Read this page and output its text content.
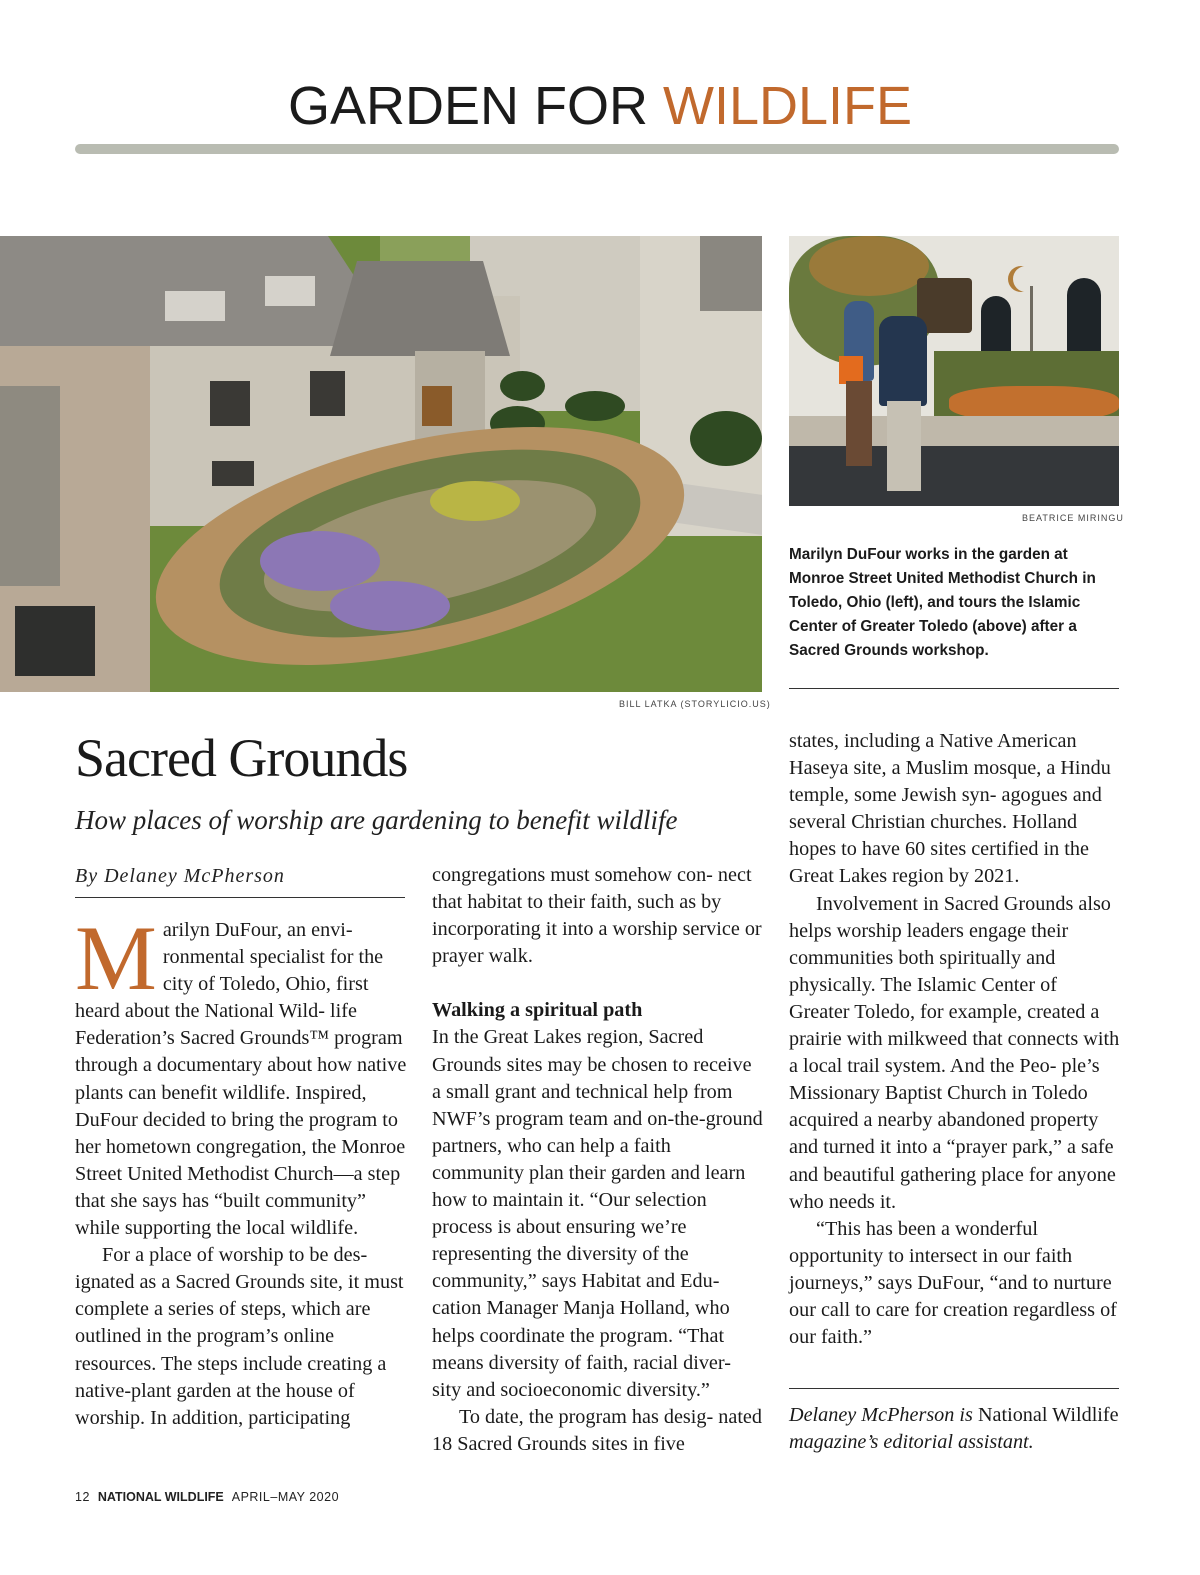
GARDEN FOR WILDLIFE
BILL LATKA (STORYLICIO.US)
BEATRICE MIRINGU
Marilyn DuFour works in the garden at Monroe Street United Methodist Church in Toledo, Ohio (left), and tours the Islamic Center of Greater Toledo (above) after a Sacred Grounds workshop.
Sacred Grounds
How places of worship are gardening to benefit wildlife
By Delaney McPherson

Marilyn DuFour, an envi- ronmental specialist for the city of Toledo, Ohio, first heard about the National Wild- life Federation’s Sacred Grounds™ program through a documentary about how native plants can benefit wildlife. Inspired, DuFour decided to bring the program to her hometown congregation, the Monroe Street United Methodist Church—a step that she says has “built community” while supporting the local wildlife.

For a place of worship to be des- ignated as a Sacred Grounds site, it must complete a series of steps, which are outlined in the program’s online resources. The steps include creating a native-plant garden at the house of worship. In addition, participating

congregations must somehow con- nect that habitat to their faith, such as by incorporating it into a worship service or prayer walk.

Walking a spiritual path

In the Great Lakes region, Sacred Grounds sites may be chosen to receive a small grant and technical help from NWF’s program team and on-the-ground partners, who can help a faith community plan their garden and learn how to maintain it. “Our selection process is about ensuring we’re representing the diversity of the community,” says Habitat and Edu- cation Manager Manja Holland, who helps coordinate the program. “That means diversity of faith, racial diver- sity and socioeconomic diversity.”

To date, the program has desig- nated 18 Sacred Grounds sites in five

states, including a Native American Haseya site, a Muslim mosque, a Hindu temple, some Jewish syn- agogues and several Christian churches. Holland hopes to have 60 sites certified in the Great Lakes region by 2021.

Involvement in Sacred Grounds also helps worship leaders engage their communities both spiritually and physically. The Islamic Center of Greater Toledo, for example, created a prairie with milkweed that connects with a local trail system. And the Peo- ple’s Missionary Baptist Church in Toledo acquired a nearby abandoned property and turned it into a “prayer park,” a safe and beautiful gathering place for anyone who needs it.

“This has been a wonderful opportunity to intersect in our faith journeys,” says DuFour, “and to nurture our call to care for creation regardless of our faith.”

Delaney McPherson is National Wildlife magazine’s editorial assistant.
12 NATIONAL WILDLIFE APRIL–MAY 2020
